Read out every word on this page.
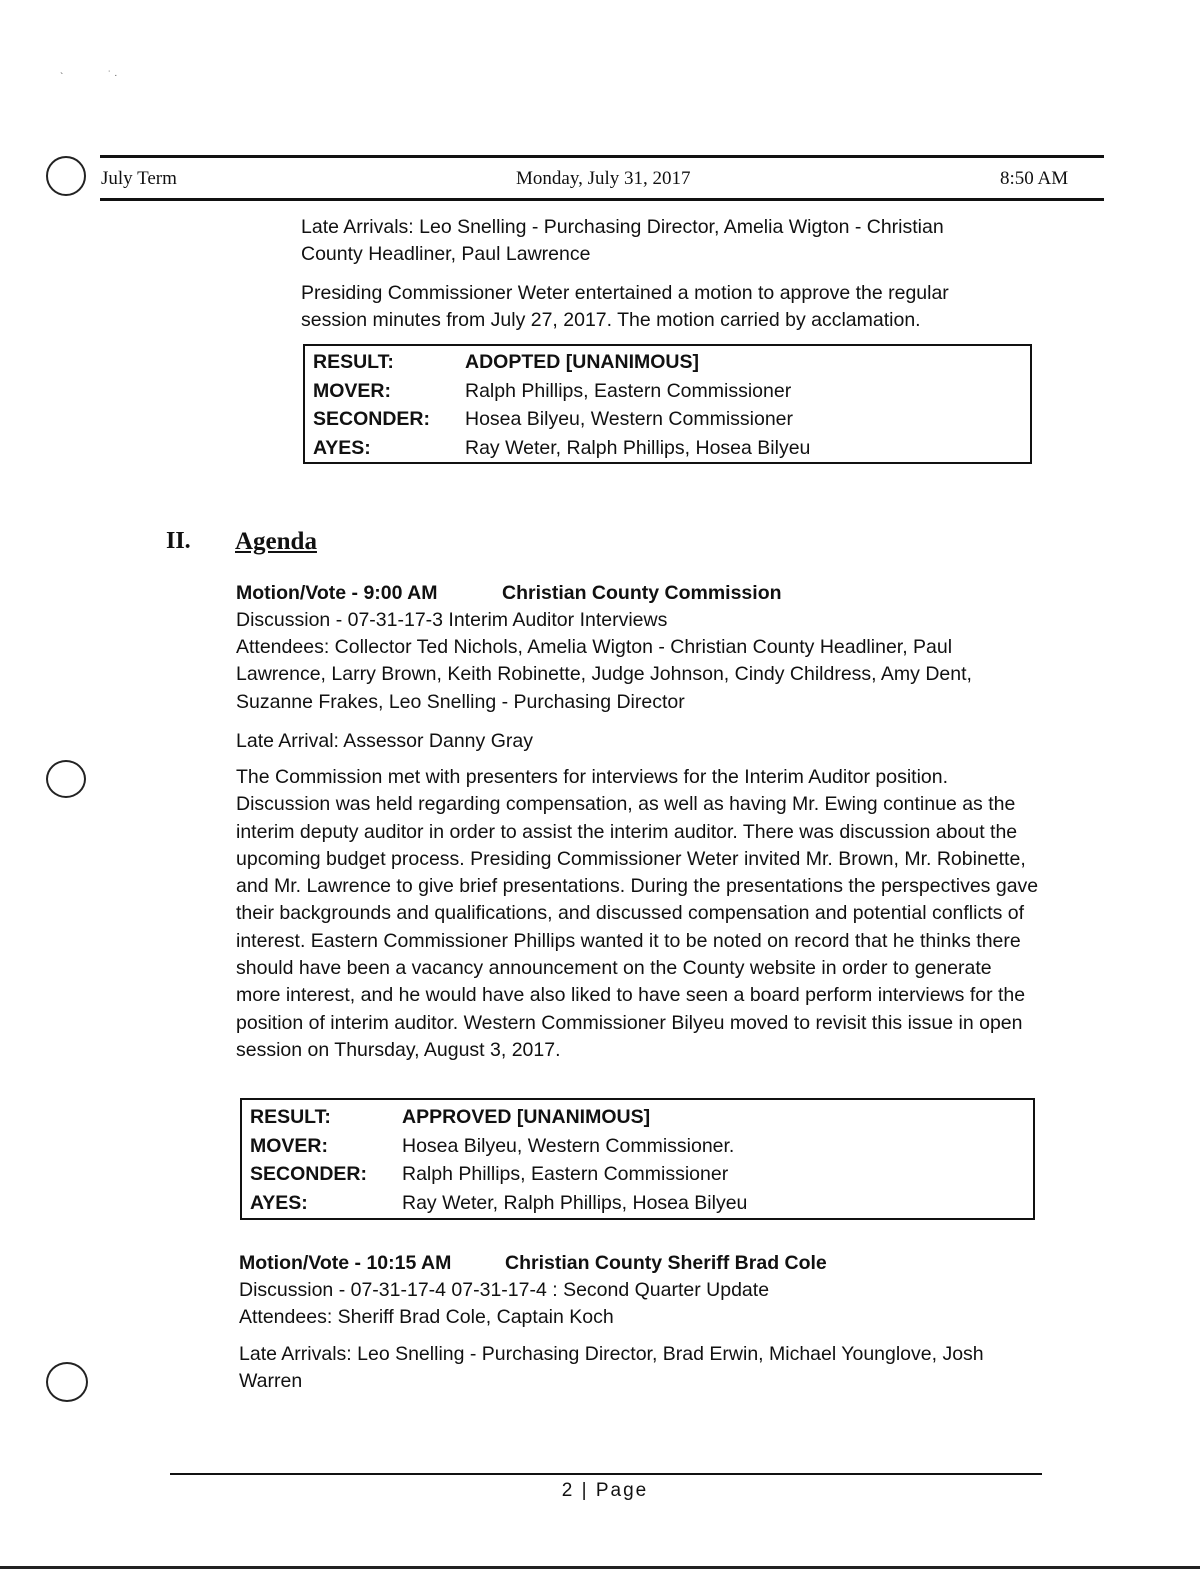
`	˙ ·
July Term	Monday, July 31, 2017	8:50 AM
Late Arrivals: Leo Snelling - Purchasing Director, Amelia Wigton - Christian County Headliner, Paul Lawrence
Presiding Commissioner Weter entertained a motion to approve the regular session minutes from July 27, 2017. The motion carried by acclamation.
RESULT:	ADOPTED [UNANIMOUS]
MOVER:	Ralph Phillips, Eastern Commissioner
SECONDER:	Hosea Bilyeu, Western Commissioner
AYES:	Ray Weter, Ralph Phillips, Hosea Bilyeu
II. Agenda
Motion/Vote - 9:00 AM	Christian County Commission
Discussion - 07-31-17-3 Interim Auditor Interviews
Attendees: Collector Ted Nichols, Amelia Wigton - Christian County Headliner, Paul Lawrence, Larry Brown, Keith Robinette, Judge Johnson, Cindy Childress, Amy Dent, Suzanne Frakes, Leo Snelling - Purchasing Director
Late Arrival: Assessor Danny Gray
The Commission met with presenters for interviews for the Interim Auditor position. Discussion was held regarding compensation, as well as having Mr. Ewing continue as the interim deputy auditor in order to assist the interim auditor. There was discussion about the upcoming budget process. Presiding Commissioner Weter invited Mr. Brown, Mr. Robinette, and Mr. Lawrence to give brief presentations. During the presentations the perspectives gave their backgrounds and qualifications, and discussed compensation and potential conflicts of interest. Eastern Commissioner Phillips wanted it to be noted on record that he thinks there should have been a vacancy announcement on the County website in order to generate more interest, and he would have also liked to have seen a board perform interviews for the position of interim auditor. Western Commissioner Bilyeu moved to revisit this issue in open session on Thursday, August 3, 2017.
RESULT:	APPROVED [UNANIMOUS]
MOVER:	Hosea Bilyeu, Western Commissioner.
SECONDER:	Ralph Phillips, Eastern Commissioner
AYES:	Ray Weter, Ralph Phillips, Hosea Bilyeu
Motion/Vote - 10:15 AM	Christian County Sheriff Brad Cole
Discussion - 07-31-17-4 07-31-17-4 : Second Quarter Update
Attendees: Sheriff Brad Cole, Captain Koch
Late Arrivals: Leo Snelling - Purchasing Director, Brad Erwin, Michael Younglove, Josh Warren
2 | Page
